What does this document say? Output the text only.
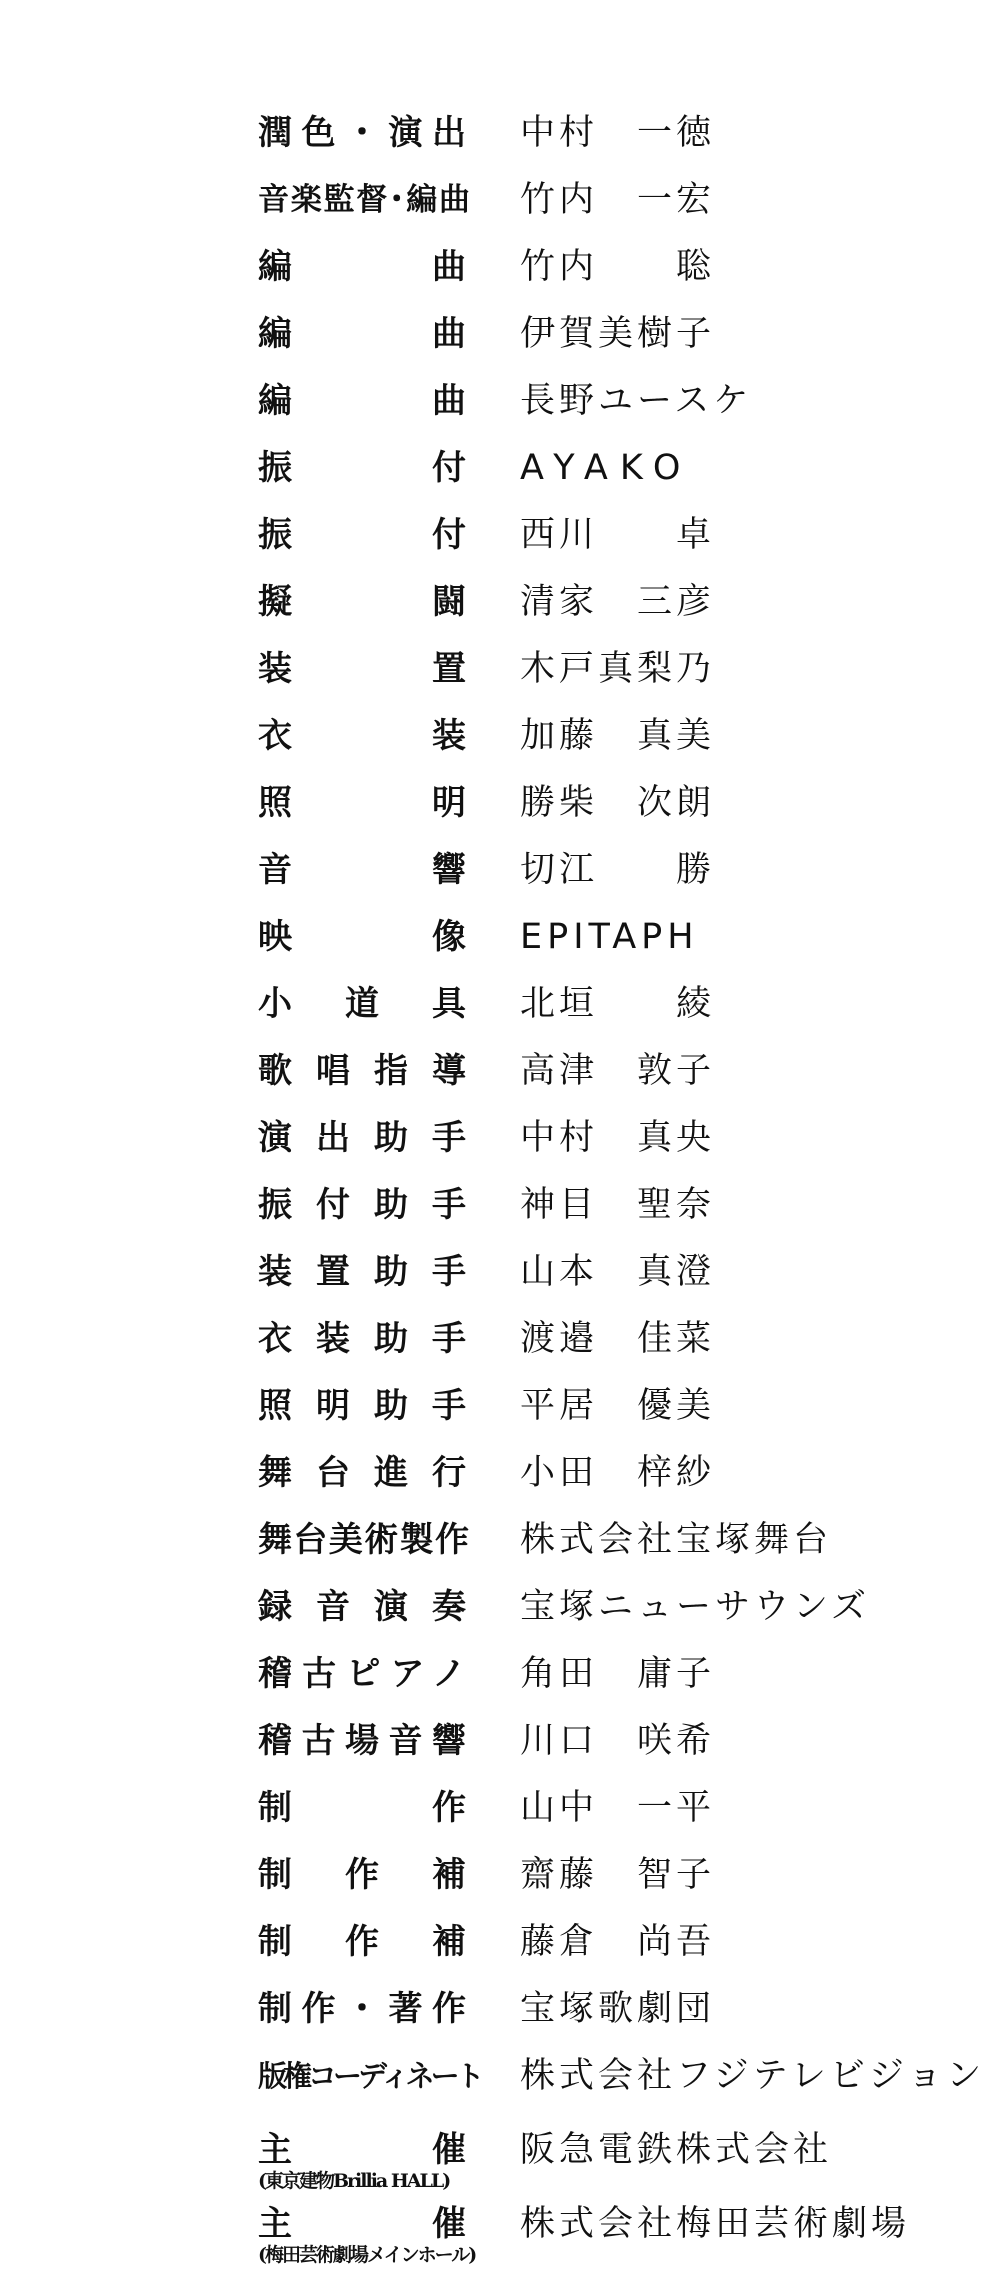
潤色・演出 中村　一徳
音楽監督･編曲 竹内　一宏
編曲 竹内　　聡
編曲 伊賀美樹子
編曲 長野ユースケ
振付 AYAKO
振付 西川　　卓
擬闘 清家　三彦
装置 木戸真梨乃
衣装 加藤　真美
照明 勝柴　次朗
音響 切江　　勝
映像 EPITAPH
小道具 北垣　　綾
歌唱指導 高津　敦子
演出助手 中村　真央
振付助手 神目　聖奈
装置助手 山本　真澄
衣装助手 渡邉　佳菜
照明助手 平居　優美
舞台進行 小田　梓紗
舞台美術製作 株式会社宝塚舞台
録音演奏 宝塚ニューサウンズ
稽古ピアノ 角田　庸子
稽古場音響 川口　咲希
制作 山中　一平
制作補 齋藤　智子
制作補 藤倉　尚吾
制作・著作 宝塚歌劇団
版権コーディネート 株式会社フジテレビジョン
主催 阪急電鉄株式会社
(東京建物Brillia HALL)
主催 株式会社梅田芸術劇場
(梅田芸術劇場メインホール)
